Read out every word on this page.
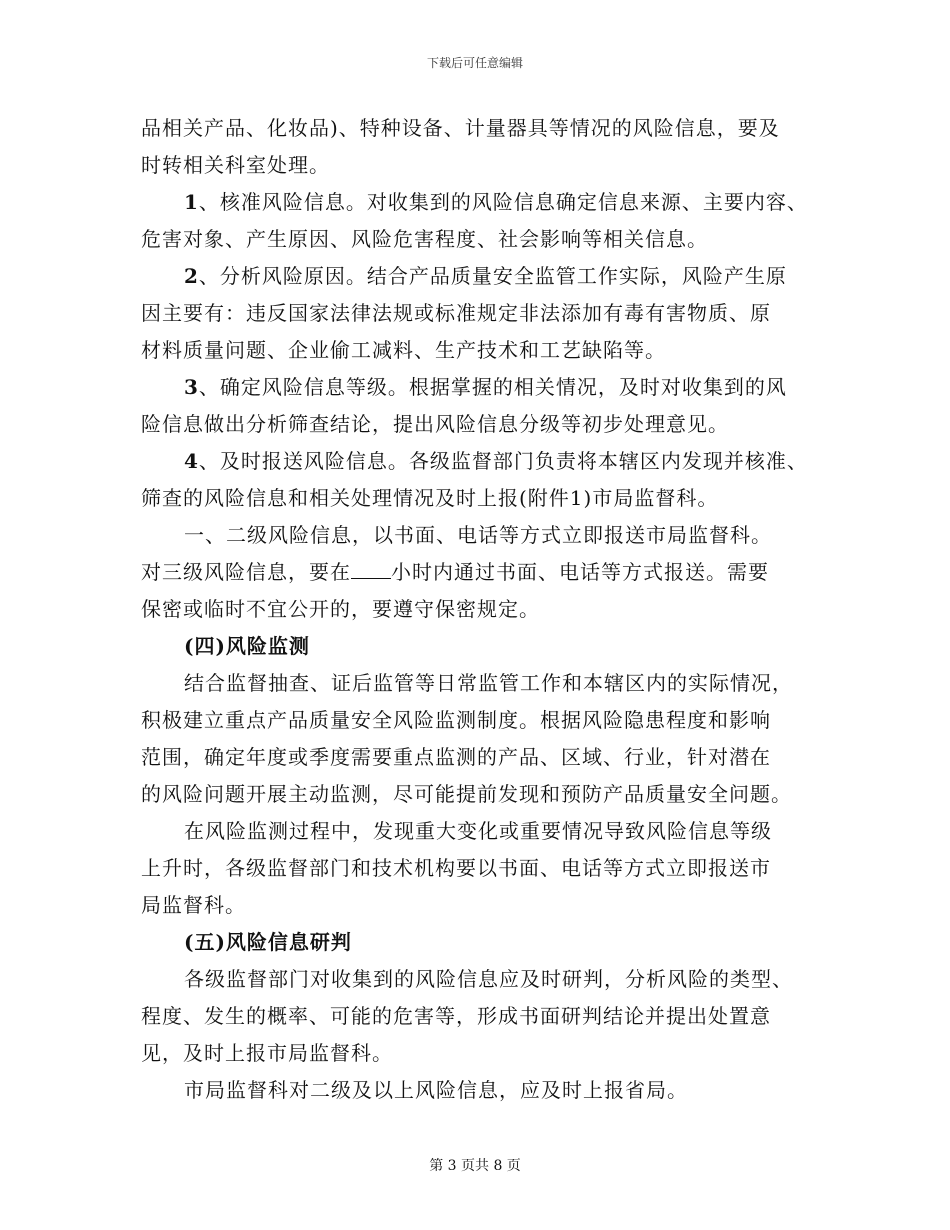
下载后可任意编辑
品相关产品、化妆品)、特种设备、计量器具等情况的风险信息，要及
时转相关科室处理。
1、核准风险信息。对收集到的风险信息确定信息来源、主要内容、
危害对象、产生原因、风险危害程度、社会影响等相关信息。
2、分析风险原因。结合产品质量安全监管工作实际，风险产生原
因主要有：违反国家法律法规或标准规定非法添加有毒有害物质、原
材料质量问题、企业偷工减料、生产技术和工艺缺陷等。
3、确定风险信息等级。根据掌握的相关情况，及时对收集到的风
险信息做出分析筛查结论，提出风险信息分级等初步处理意见。
4、及时报送风险信息。各级监督部门负责将本辖区内发现并核准、
筛查的风险信息和相关处理情况及时上报(附件1)市局监督科。
一、二级风险信息，以书面、电话等方式立即报送市局监督科。
对三级风险信息，要在 小时内通过书面、电话等方式报送。需要
保密或临时不宜公开的，要遵守保密规定。
(四)风险监测
结合监督抽查、证后监管等日常监管工作和本辖区内的实际情况，
积极建立重点产品质量安全风险监测制度。根据风险隐患程度和影响
范围，确定年度或季度需要重点监测的产品、区域、行业，针对潜在
的风险问题开展主动监测，尽可能提前发现和预防产品质量安全问题。
在风险监测过程中，发现重大变化或重要情况导致风险信息等级
上升时，各级监督部门和技术机构要以书面、电话等方式立即报送市
局监督科。
(五)风险信息研判
各级监督部门对收集到的风险信息应及时研判，分析风险的类型、
程度、发生的概率、可能的危害等，形成书面研判结论并提出处置意
见，及时上报市局监督科。
市局监督科对二级及以上风险信息，应及时上报省局。
第 3 页共 8 页
